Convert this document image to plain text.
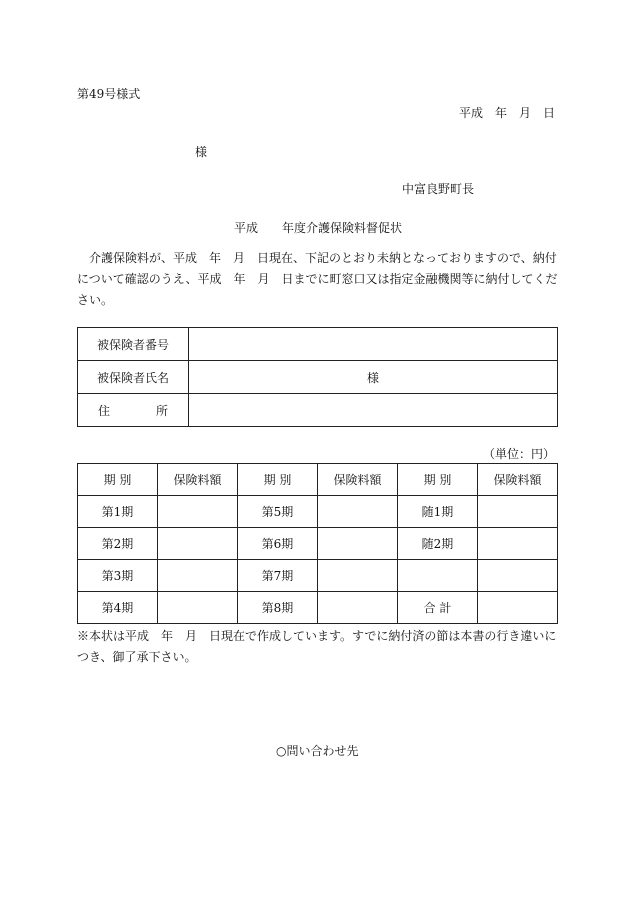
第49号様式
平成　年　月　日
様
中富良野町長
平成　　年度介護保険料督促状
介護保険料が、平成　年　月　日現在、下記のとおり未納となっておりますので、納付について確認のうえ、平成　年　月　日までに町窓口又は指定金融機関等に納付してください。
被保険者番号	
被保険者氏名	様

住 所	

（単位：円）
期 別	保険料額	期 別	保険料額	期 別	保険料額
第1期		第5期		随1期	
第2期		第6期		随2期	
第3期		第7期			
第4期		第8期		合 計	
※本状は平成　年　月　日現在で作成しています。すでに納付済の節は本書の行き違いにつき、御了承下さい。
○問い合わせ先
